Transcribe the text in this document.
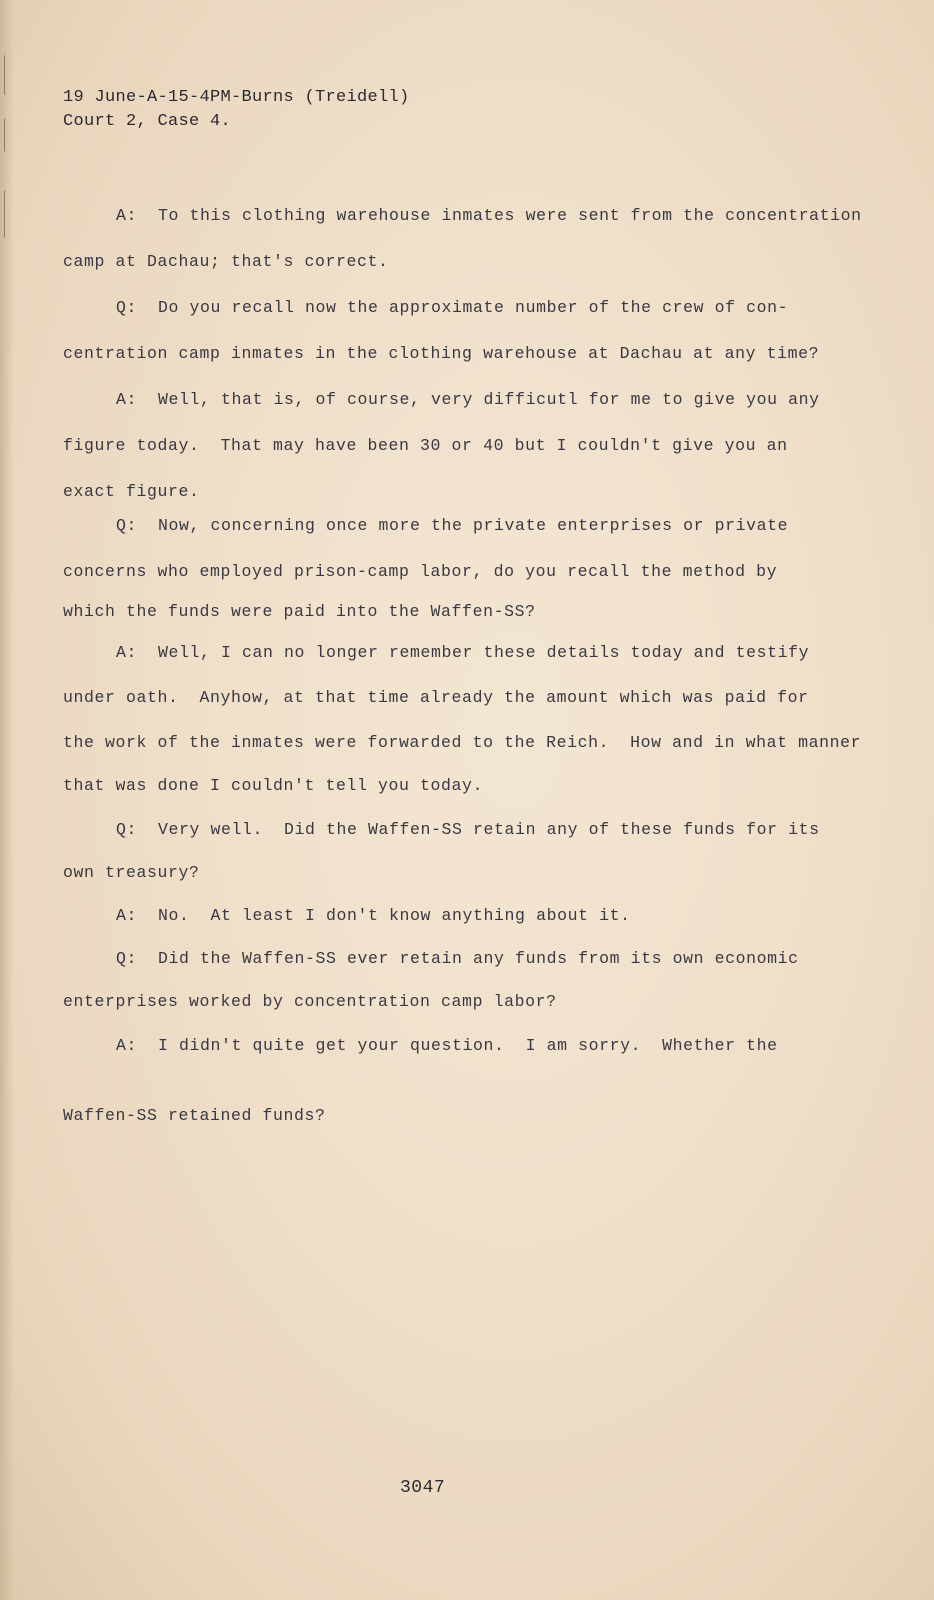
19 June-A-15-4PM-Burns (Treidell)
Court 2, Case 4.
A:  To this clothing warehouse inmates were sent from the concentration
camp at Dachau; that's correct.
Q:  Do you recall now the approximate number of the crew of con-
centration camp inmates in the clothing warehouse at Dachau at any time?
A:  Well, that is, of course, very difficutl for me to give you any
figure today.  That may have been 30 or 40 but I couldn't give you an
exact figure.
Q:  Now, concerning once more the private enterprises or private
concerns who employed prison-camp labor, do you recall the method by
which the funds were paid into the Waffen-SS?
A:  Well, I can no longer remember these details today and testify
under oath.  Anyhow, at that time already the amount which was paid for
the work of the inmates were forwarded to the Reich.  How and in what manner
that was done I couldn't tell you today.
Q:  Very well.  Did the Waffen-SS retain any of these funds for its
own treasury?
A:  No.  At least I don't know anything about it.
Q:  Did the Waffen-SS ever retain any funds from its own economic
enterprises worked by concentration camp labor?
A:  I didn't quite get your question.  I am sorry.  Whether the
Waffen-SS retained funds?
3047
